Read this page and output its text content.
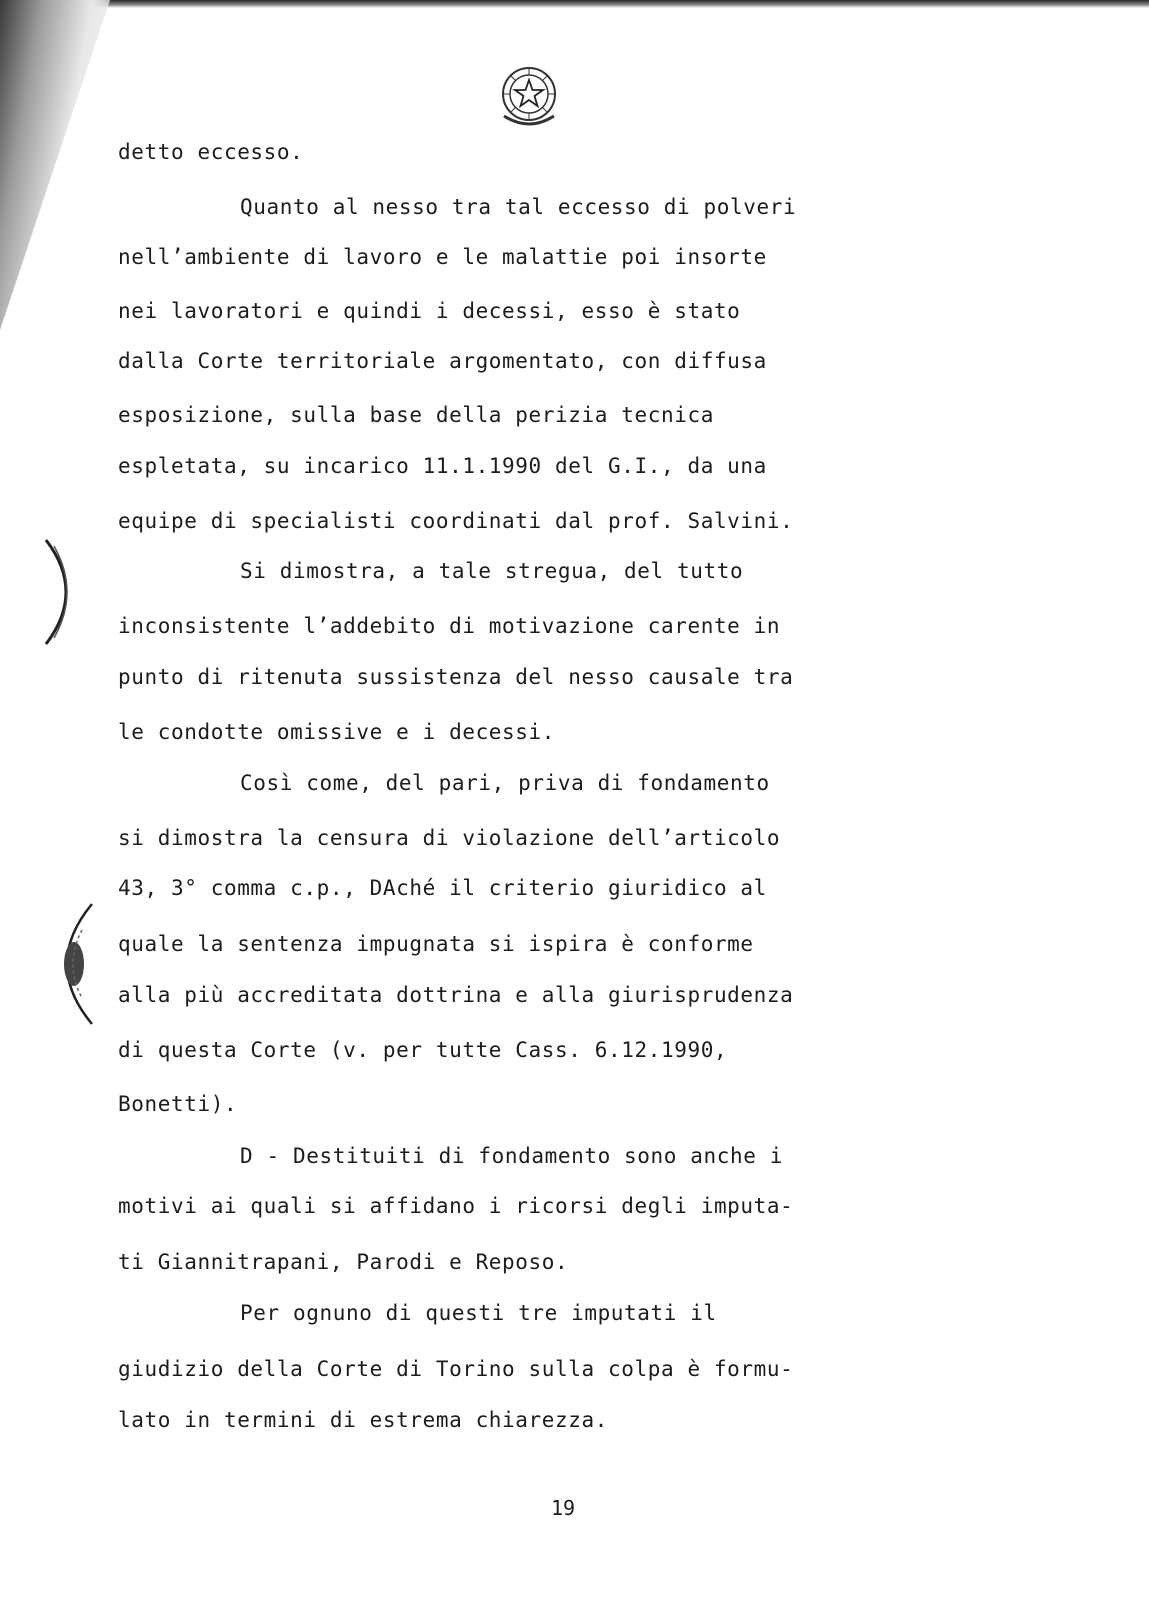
detto eccesso.
Quanto al nesso tra tal eccesso di polveri
nell’ambiente di lavoro e le malattie poi insorte
nei lavoratori e quindi i decessi, esso è stato
dalla Corte territoriale argomentato, con diffusa
esposizione, sulla base della perizia tecnica
espletata, su incarico 11.1.1990 del G.I., da una
equipe di specialisti coordinati dal prof. Salvini.
Si dimostra, a tale stregua, del tutto
inconsistente l’addebito di motivazione carente in
punto di ritenuta sussistenza del nesso causale tra
le condotte omissive e i decessi.
Così come, del pari, priva di fondamento
si dimostra la censura di violazione dell’articolo
43, 3° comma c.p., DAché il criterio giuridico al
quale la sentenza impugnata si ispira è conforme
alla più accreditata dottrina e alla giurisprudenza
di questa Corte (v. per tutte Cass. 6.12.1990,
Bonetti).
D - Destituiti di fondamento sono anche i
motivi ai quali si affidano i ricorsi degli imputa-
ti Giannitrapani, Parodi e Reposo.
Per ognuno di questi tre imputati il
giudizio della Corte di Torino sulla colpa è formu-
lato in termini di estrema chiarezza.
19
